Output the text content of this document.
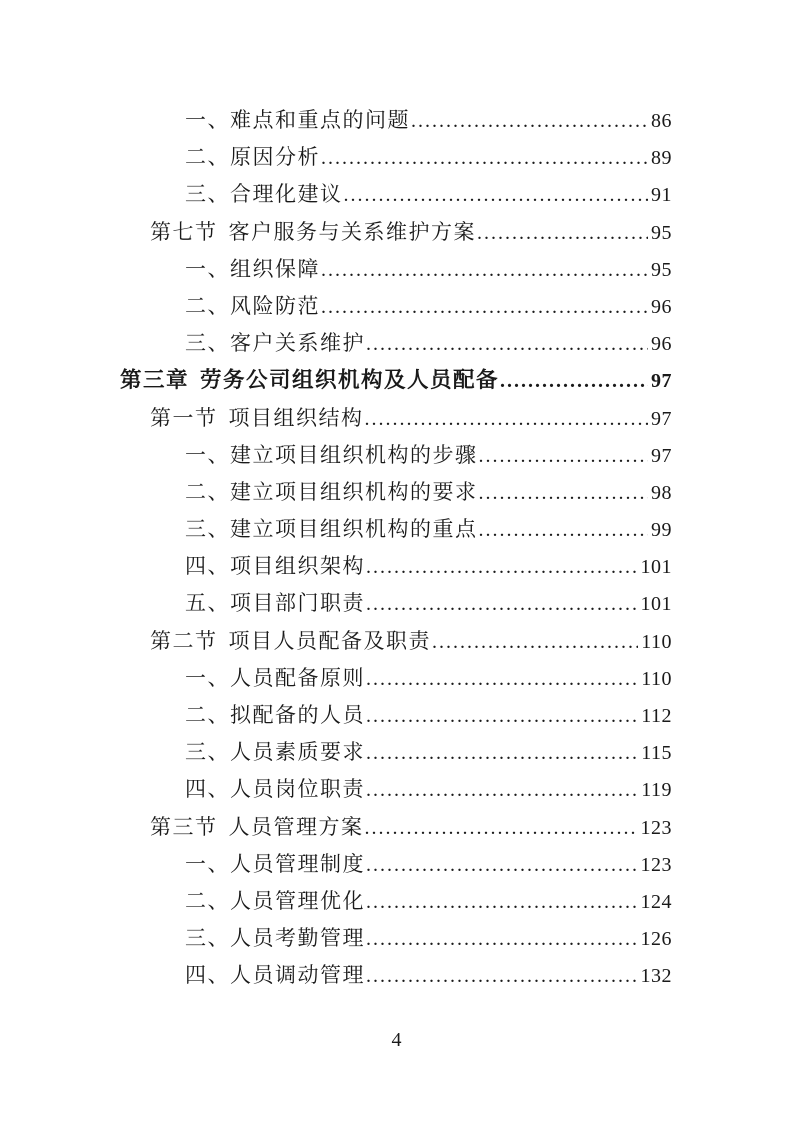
一、 难点和重点的问题 .....	86
二、 原因分析 .....	89
三、 合理化建议 .....	91
第七节 客户服务与关系维护方案 .....	95
一、 组织保障 .....	95
二、 风险防范 .....	96
三、 客户关系维护 .....	96
第三章 劳务公司组织机构及人员配备 .....	97
第一节 项目组织结构 .....	97
一、 建立项目组织机构的步骤 .....	97
二、 建立项目组织机构的要求 .....	98
三、 建立项目组织机构的重点 .....	99
四、 项目组织架构 .....	101
五、 项目部门职责 .....	101
第二节 项目人员配备及职责 .....	110
一、 人员配备原则 .....	110
二、 拟配备的人员 .....	112
三、 人员素质要求 .....	115
四、 人员岗位职责 .....	119
第三节 人员管理方案 .....	123
一、 人员管理制度 .....	123
二、 人员管理优化 .....	124
三、 人员考勤管理 .....	126
四、 人员调动管理 .....	132
4
